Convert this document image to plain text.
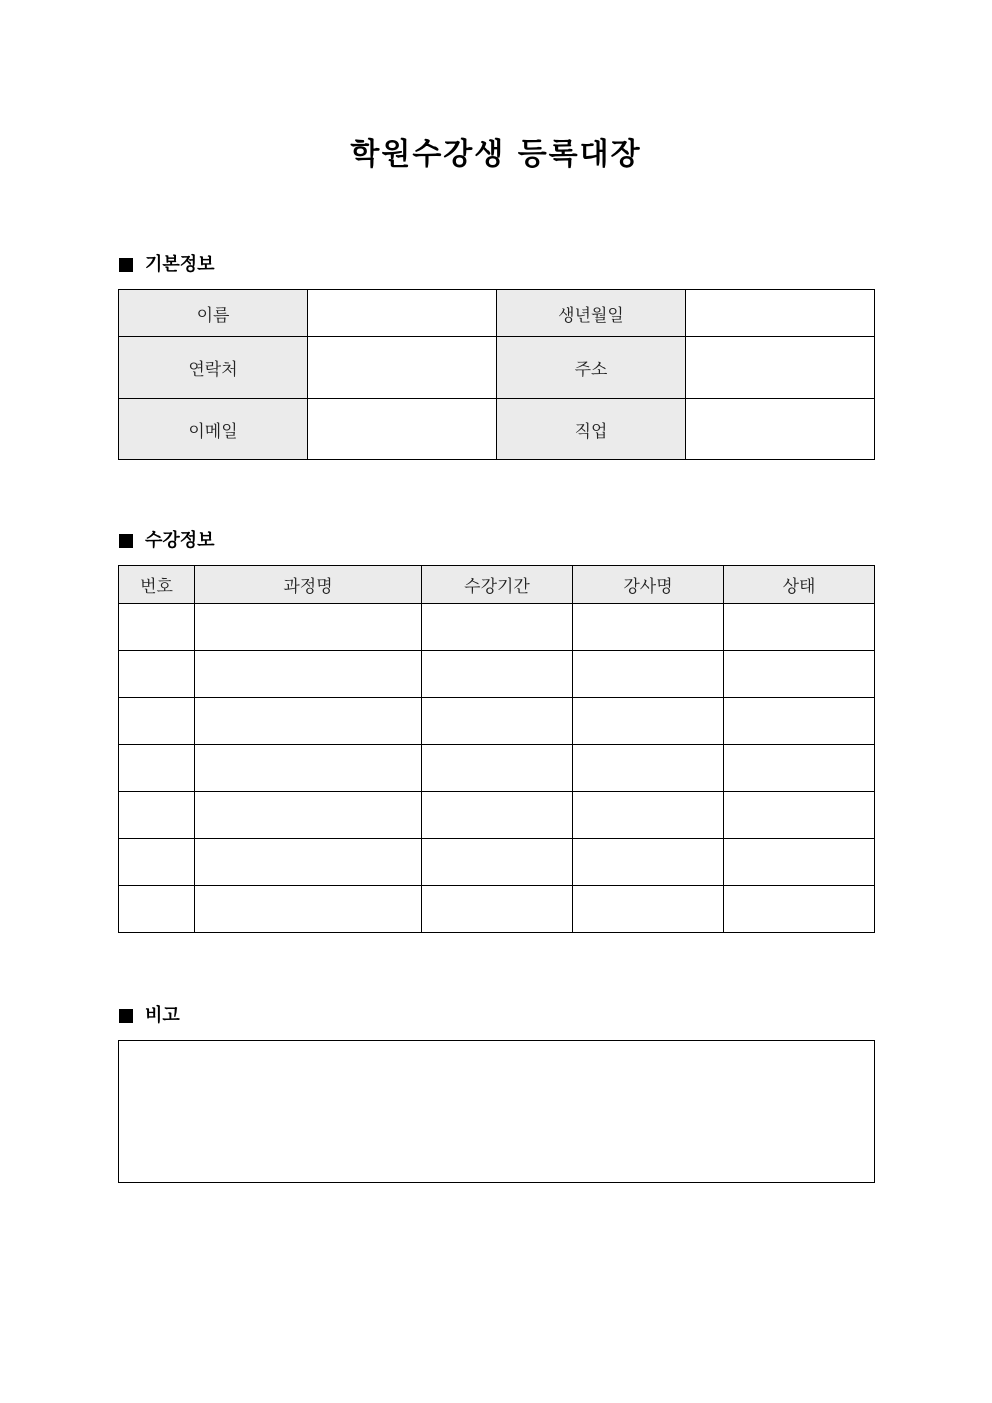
학원수강생 등록대장
기본정보
이름		생년월일	
연락처		주소	
이메일		직업	
수강정보
번호	과정명	수강기간	강사명	상태

비고
